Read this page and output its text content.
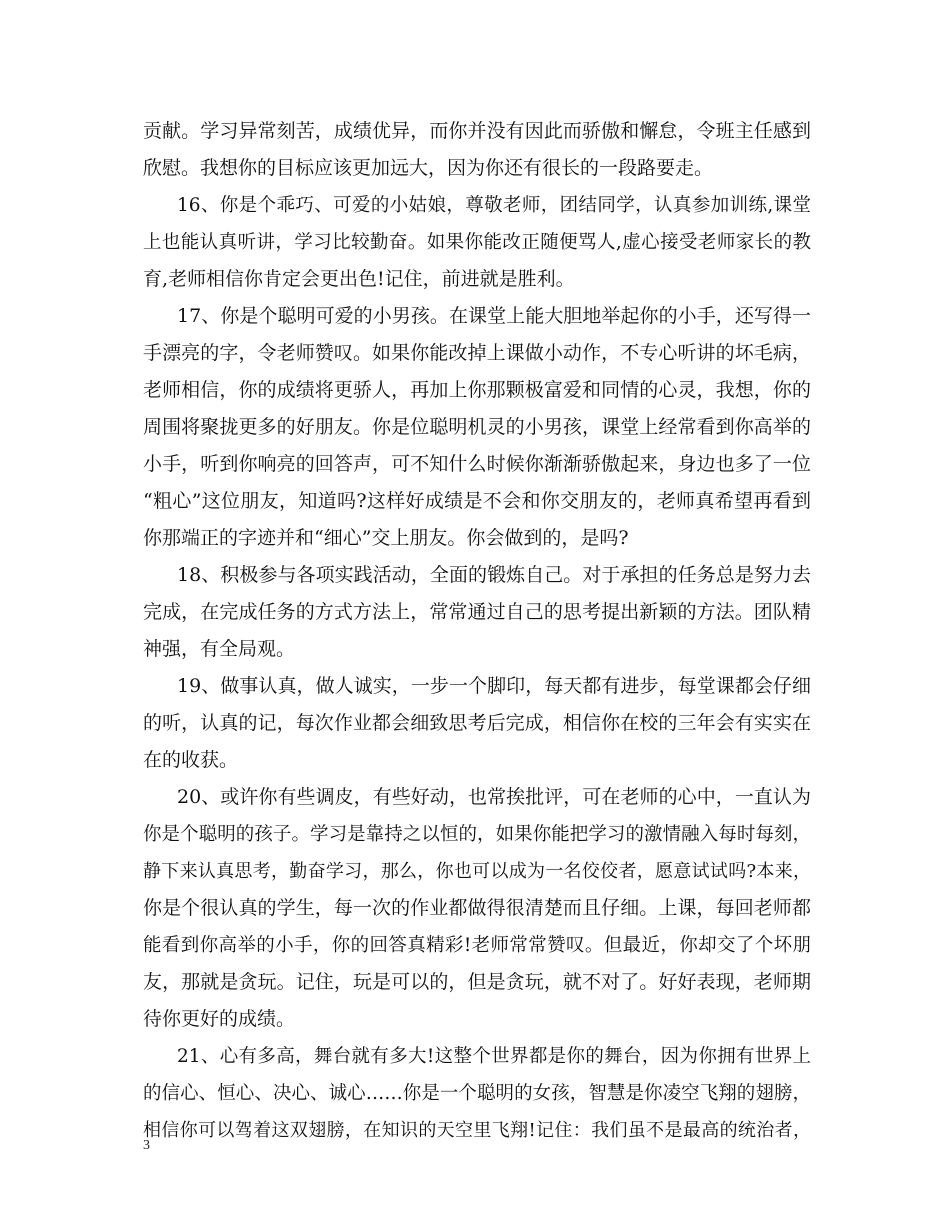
贡献。学习异常刻苦，成绩优异，而你并没有因此而骄傲和懈怠，令班主任感到
欣慰。我想你的目标应该更加远大，因为你还有很长的一段路要走。
16、你是个乖巧、可爱的小姑娘，尊敬老师，团结同学，认真参加训练,课堂
上也能认真听讲，学习比较勤奋。如果你能改正随便骂人,虚心接受老师家长的教
育,老师相信你肯定会更出色!记住，前进就是胜利。
17、你是个聪明可爱的小男孩。在课堂上能大胆地举起你的小手，还写得一
手漂亮的字，令老师赞叹。如果你能改掉上课做小动作，不专心听讲的坏毛病，
老师相信，你的成绩将更骄人，再加上你那颗极富爱和同情的心灵，我想，你的
周围将聚拢更多的好朋友。你是位聪明机灵的小男孩，课堂上经常看到你高举的
小手，听到你响亮的回答声，可不知什么时候你渐渐骄傲起来，身边也多了一位
“粗心”这位朋友，知道吗?这样好成绩是不会和你交朋友的，老师真希望再看到
你那端正的字迹并和“细心”交上朋友。你会做到的，是吗?
18、积极参与各项实践活动，全面的锻炼自己。对于承担的任务总是努力去
完成，在完成任务的方式方法上，常常通过自己的思考提出新颖的方法。团队精
神强，有全局观。
19、做事认真，做人诚实，一步一个脚印，每天都有进步，每堂课都会仔细
的听，认真的记，每次作业都会细致思考后完成，相信你在校的三年会有实实在
在的收获。
20、或许你有些调皮，有些好动，也常挨批评，可在老师的心中，一直认为
你是个聪明的孩子。学习是靠持之以恒的，如果你能把学习的激情融入每时每刻，
静下来认真思考，勤奋学习，那么，你也可以成为一名佼佼者，愿意试试吗?本来，
你是个很认真的学生，每一次的作业都做得很清楚而且仔细。上课，每回老师都
能看到你高举的小手，你的回答真精彩!老师常常赞叹。但最近，你却交了个坏朋
友，那就是贪玩。记住，玩是可以的，但是贪玩，就不对了。好好表现，老师期
待你更好的成绩。
21、心有多高，舞台就有多大!这整个世界都是你的舞台，因为你拥有世界上
的信心、恒心、决心、诚心……你是一个聪明的女孩，智慧是你凌空飞翔的翅膀，
相信你可以驾着这双翅膀，在知识的天空里飞翔!记住：我们虽不是最高的统治者，
3
